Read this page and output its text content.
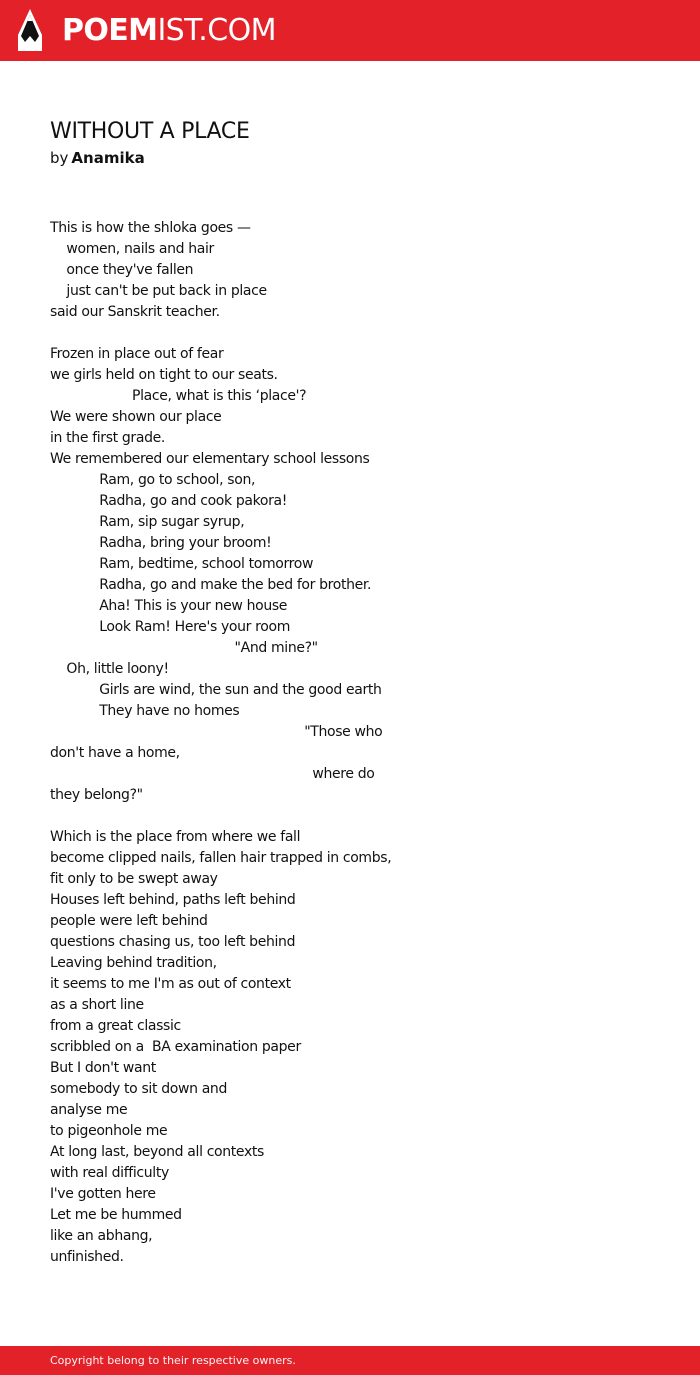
POEMIST.COM
WITHOUT A PLACE
by Anamika
This is how the shloka goes —
women, nails and hair
once they've fallen
just can't be put back in place
said our Sanskrit teacher.
Frozen in place out of fear
we girls held on tight to our seats.
Place, what is this ‘place'?
We were shown our place
in the first grade.
We remembered our elementary school lessons
Ram, go to school, son,
Radha, go and cook pakora!
Ram, sip sugar syrup,
Radha, bring your broom!
Ram, bedtime, school tomorrow
Radha, go and make the bed for brother.
Aha! This is your new house
Look Ram! Here's your room
"And mine?"
Oh, little loony!
Girls are wind, the sun and the good earth
They have no homes
"Those who
don't have a home,
where do
they belong?"
Which is the place from where we fall
become clipped nails, fallen hair trapped in combs,
fit only to be swept away
Houses left behind, paths left behind
people were left behind
questions chasing us, too left behind
Leaving behind tradition,
it seems to me I'm as out of context
as a short line
from a great classic
scribbled on a  BA examination paper
But I don't want
somebody to sit down and
analyse me
to pigeonhole me
At long last, beyond all contexts
with real difficulty
I've gotten here
Let me be hummed
like an abhang,
unfinished.
Copyright belong to their respective owners.
